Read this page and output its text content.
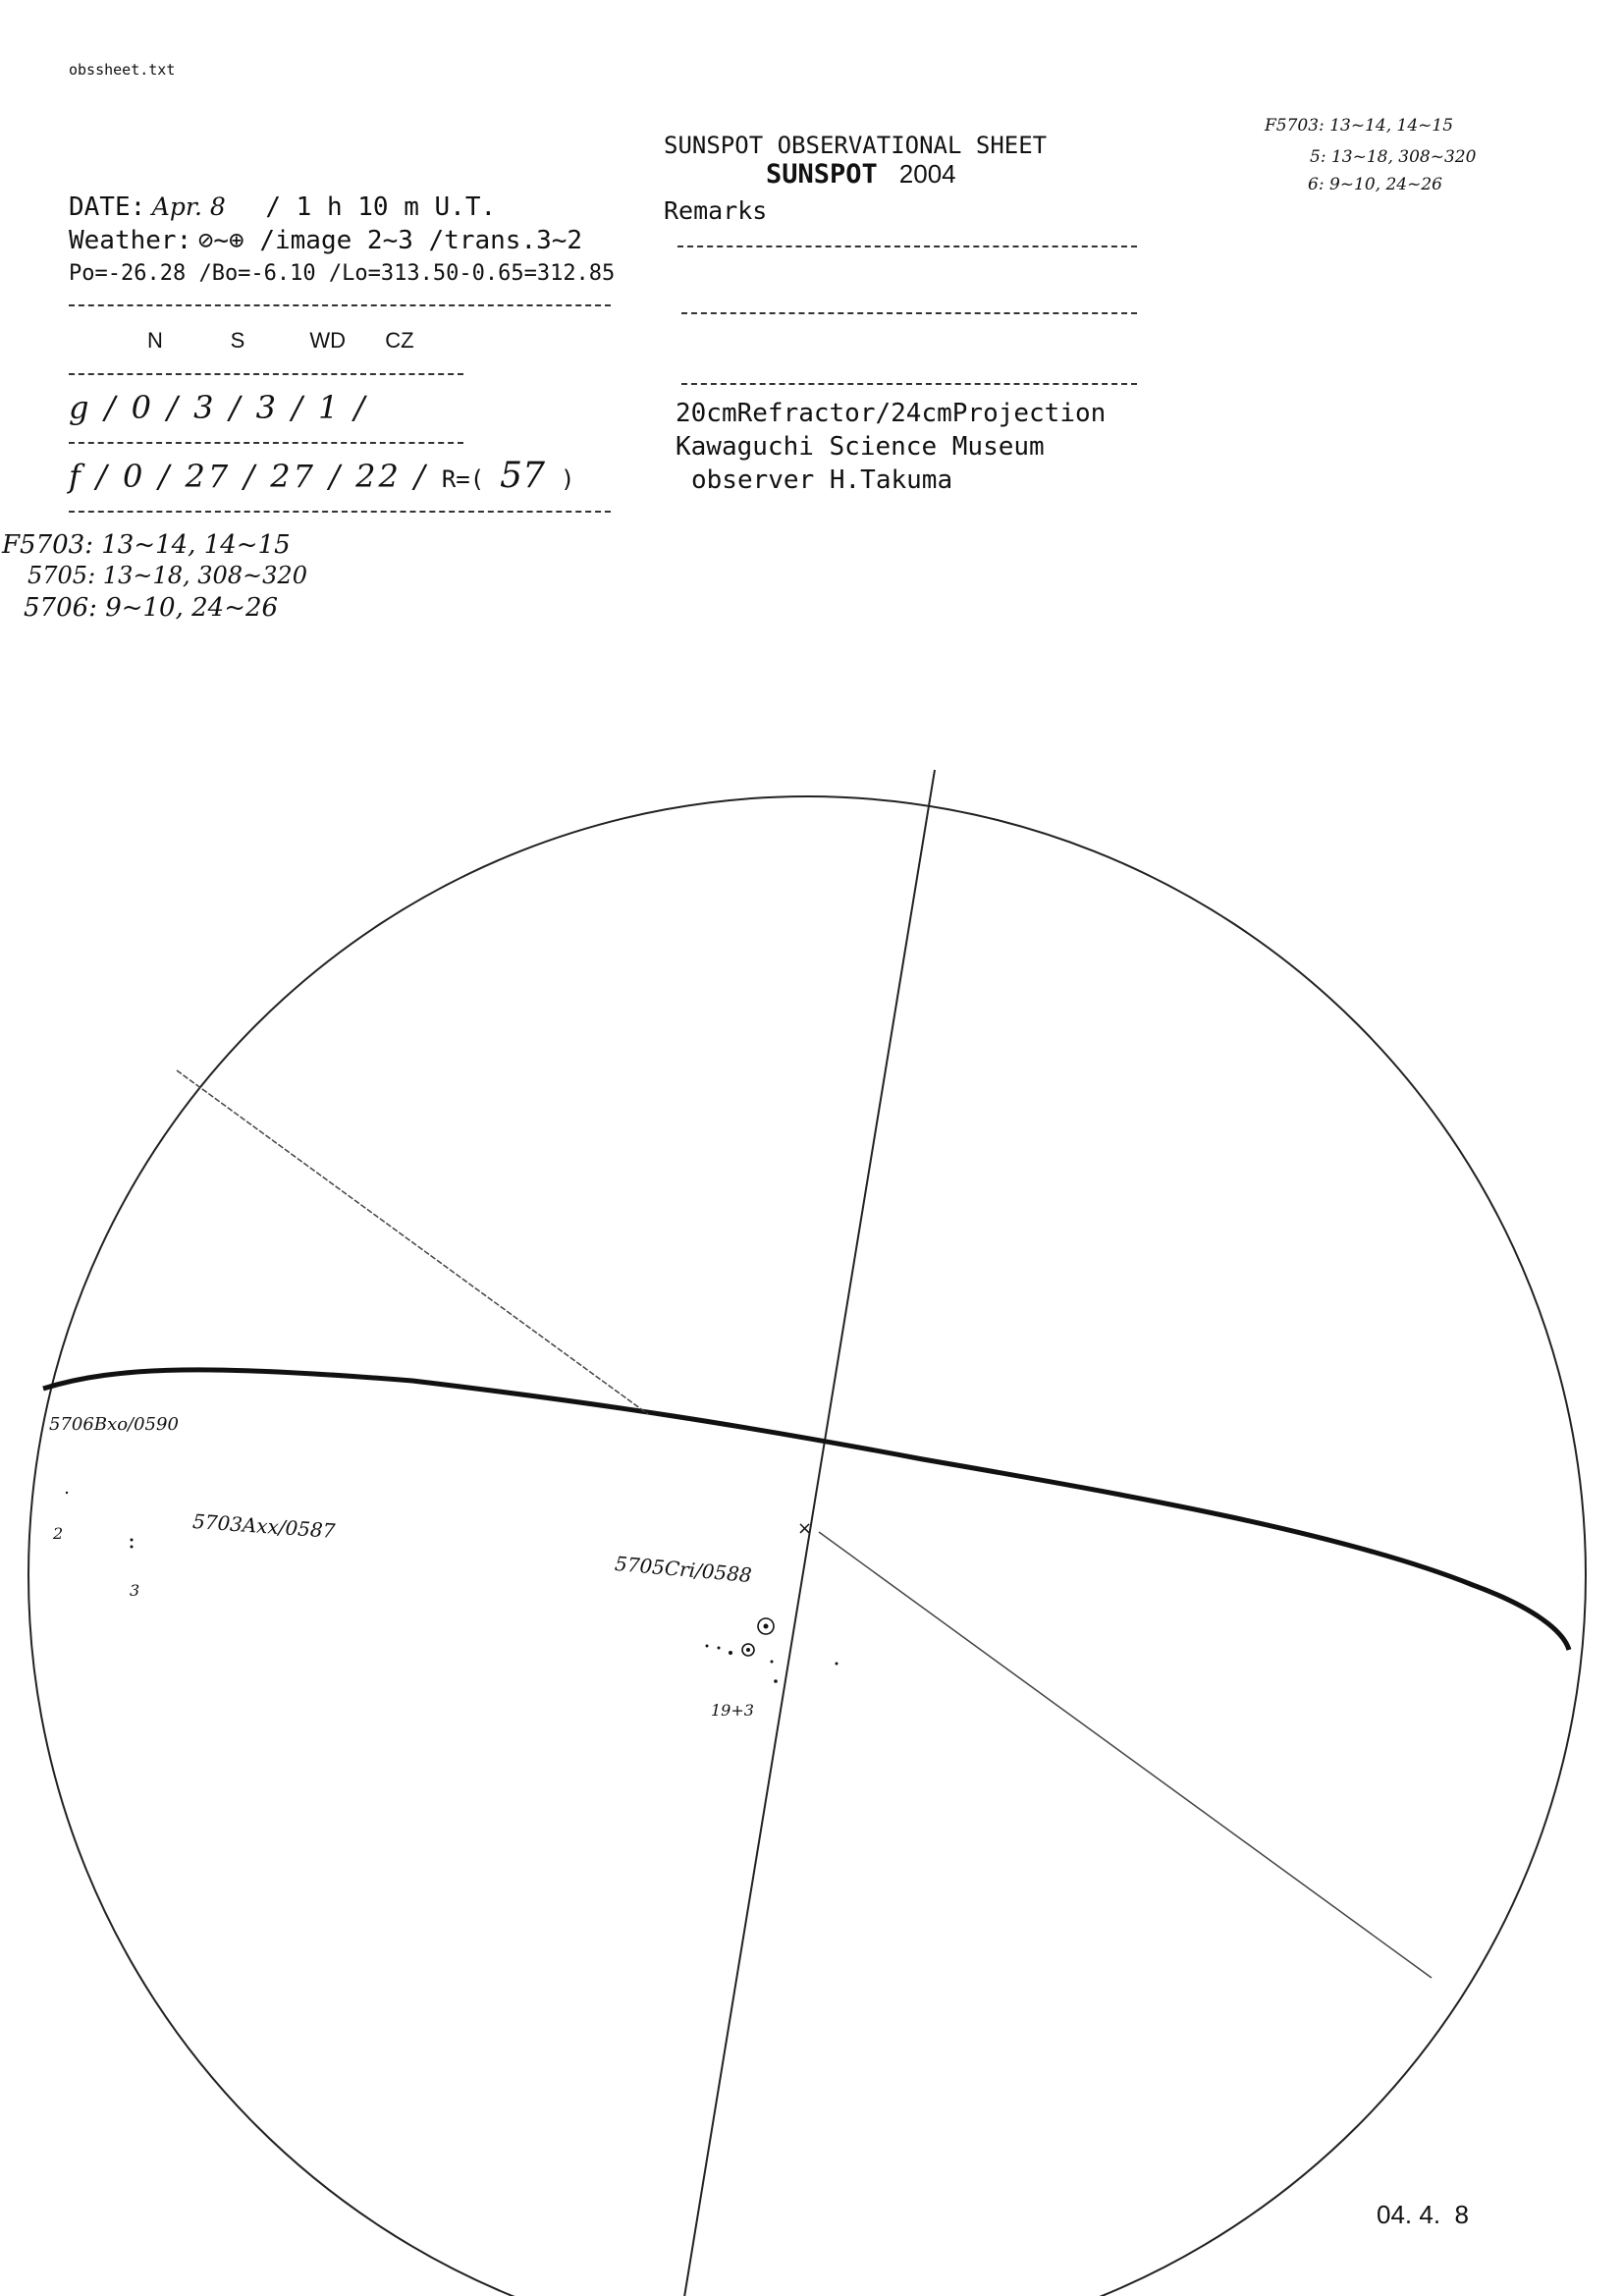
obssheet.txt
SUNSPOT OBSERVATIONAL SHEET
SUNSPOT 2004
Remarks
20cmRefractor/24cmProjection
Kawaguchi Science Museum
observer H.Takuma
DATE: Apr. 8 / 1 h 10 m U.T.
Weather: ⊘~⊕ /image 2~3 /trans.3~2
Po=-26.28 /Bo=-6.10 /Lo=313.50-0.65=312.85
N	S	WD	CZ
g / 0 / 3 / 3 / 1 /
f / 0 / 27 / 27 / 22 / R=( 57 )
F5703: 13~14, 14~15
5705: 13~18, 308~320
5706: 9~10, 24~26
F5703: 13~14, 14~15
5: 13~18, 308~320
6: 9~10, 24~26
×
5706Bxo/0590
5703Axx/0587
5705Cri/0588
19+3
2
3
04. 4.  8
